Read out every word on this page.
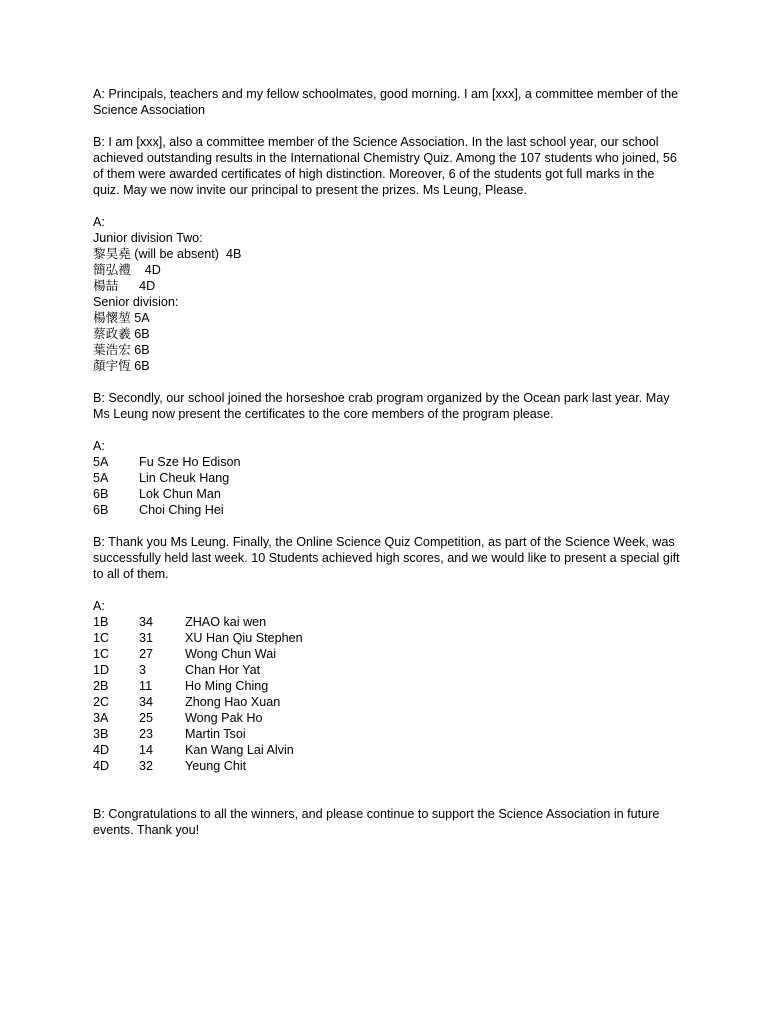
A: Principals, teachers and my fellow schoolmates, good morning. I am [xxx], a committee member of the Science Association

B: I am [xxx], also a committee member of the Science Association. In the last school year, our school achieved outstanding results in the International Chemistry Quiz. Among the 107 students who joined, 56 of them were awarded certificates of high distinction. Moreover, 6 of the students got full marks in the quiz. May we now invite our principal to present the prizes. Ms Leung, Please.

A:

Junior division Two:

黎昊堯 (will be absent)  4B

簡弘禮    4D

楊喆      4D

Senior division:

楊懷堃 5A

蔡政羲 6B

葉浩宏 6B

顏宇恆 6B

B: Secondly, our school joined the horseshoe crab program organized by the Ocean park last year. May Ms Leung now present the certificates to the core members of the program please.

A:

5A	Fu Sze Ho Edison
5A	Lin Cheuk Hang
6B	Lok Chun Man
6B	Choi Ching Hei

B: Thank you Ms Leung. Finally, the Online Science Quiz Competition, as part of the Science Week, was successfully held last week. 10 Students achieved high scores, and we would like to present a special gift to all of them.

A:

1B	34	ZHAO kai wen
1C	31	XU Han Qiu Stephen
1C	27	Wong Chun Wai
1D	3	Chan Hor Yat
2B	11	Ho Ming Ching
2C	34	Zhong Hao Xuan
3A	25	Wong Pak Ho
3B	23	Martin Tsoi
4D	14	Kan Wang Lai Alvin
4D	32	Yeung Chit

B: Congratulations to all the winners, and please continue to support the Science Association in future events. Thank you!
